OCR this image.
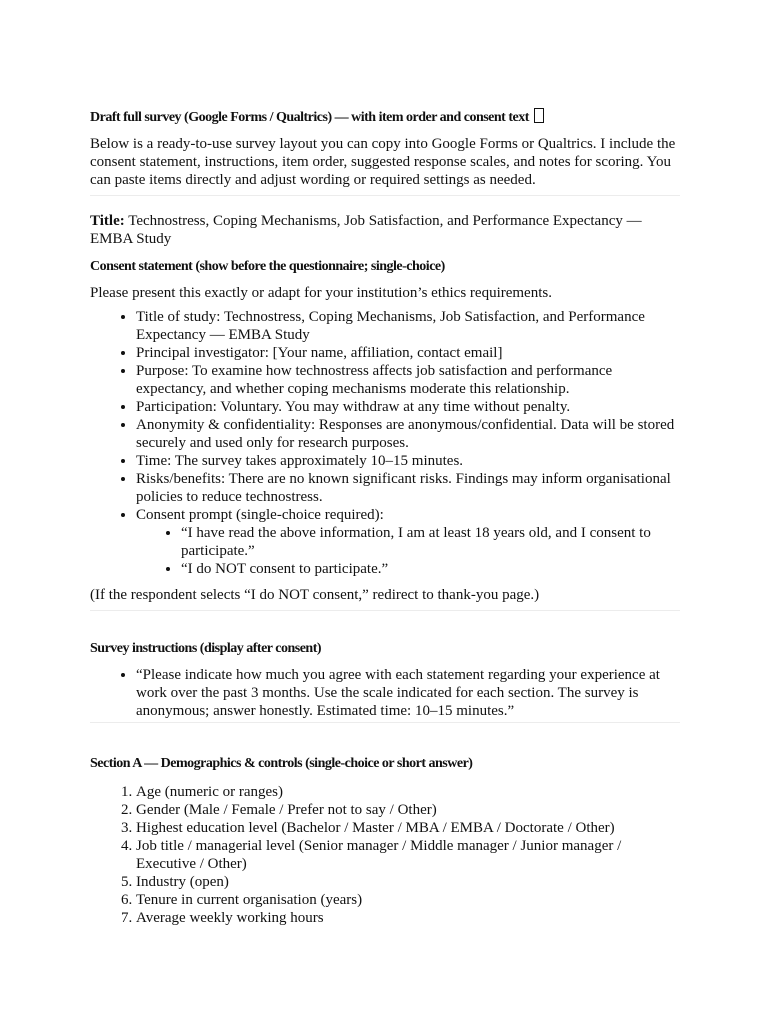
Draft full survey (Google Forms / Qualtrics) — with item order and consent text

Below is a ready-to-use survey layout you can copy into Google Forms or Qualtrics. I include the consent statement, instructions, item order, suggested response scales, and notes for scoring. You can paste items directly and adjust wording or required settings as needed.

Title: Technostress, Coping Mechanisms, Job Satisfaction, and Performance Expectancy — EMBA Study

Consent statement (show before the questionnaire; single-choice)

Please present this exactly or adapt for your institution’s ethics requirements.

• Title of study: Technostress, Coping Mechanisms, Job Satisfaction, and Performance Expectancy — EMBA Study
• Principal investigator: [Your name, affiliation, contact email]
• Purpose: To examine how technostress affects job satisfaction and performance expectancy, and whether coping mechanisms moderate this relationship.
• Participation: Voluntary. You may withdraw at any time without penalty.
• Anonymity & confidentiality: Responses are anonymous/confidential. Data will be stored securely and used only for research purposes.
• Time: The survey takes approximately 10–15 minutes.
• Risks/benefits: There are no known significant risks. Findings may inform organisational policies to reduce technostress.
• Consent prompt (single-choice required):
• “I have read the above information, I am at least 18 years old, and I consent to participate.”
• “I do NOT consent to participate.”

(If the respondent selects “I do NOT consent,” redirect to thank-you page.)

Survey instructions (display after consent)
• “Please indicate how much you agree with each statement regarding your experience at work over the past 3 months. Use the scale indicated for each section. The survey is anonymous; answer honestly. Estimated time: 10–15 minutes.”
Section A — Demographics & controls (single-choice or short answer)
1. Age (numeric or ranges)
2. Gender (Male / Female / Prefer not to say / Other)
3. Highest education level (Bachelor / Master / MBA / EMBA / Doctorate / Other)
4. Job title / managerial level (Senior manager / Middle manager / Junior manager / Executive / Other)
5. Industry (open)
6. Tenure in current organisation (years)
7. Average weekly working hours
